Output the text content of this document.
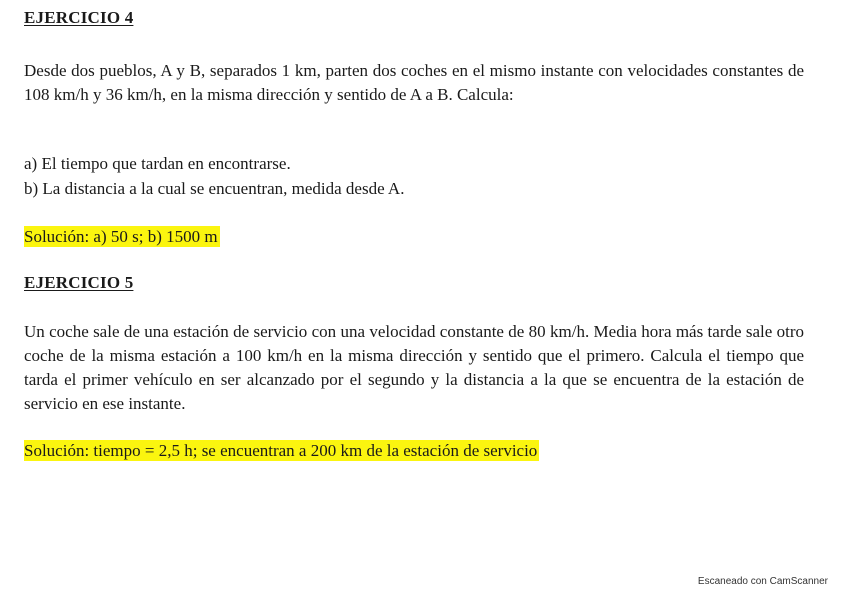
EJERCICIO 4
Desde dos pueblos, A y B, separados 1 km, parten dos coches en el mismo instante con velocidades constantes de 108 km/h y 36 km/h, en la misma dirección y sentido de A a B. Calcula:
a) El tiempo que tardan en encontrarse.
b) La distancia a la cual se encuentran, medida desde A.
Solución: a) 50 s; b) 1500 m
EJERCICIO 5
Un coche sale de una estación de servicio con una velocidad constante de 80 km/h. Media hora más tarde sale otro coche de la misma estación a 100 km/h en la misma dirección y sentido que el primero. Calcula el tiempo que tarda el primer vehículo en ser alcanzado por el segundo y la distancia a la que se encuentra de la estación de servicio en ese instante.
Solución: tiempo = 2,5 h; se encuentran a 200 km de la estación de servicio
Escaneado con CamScanner
